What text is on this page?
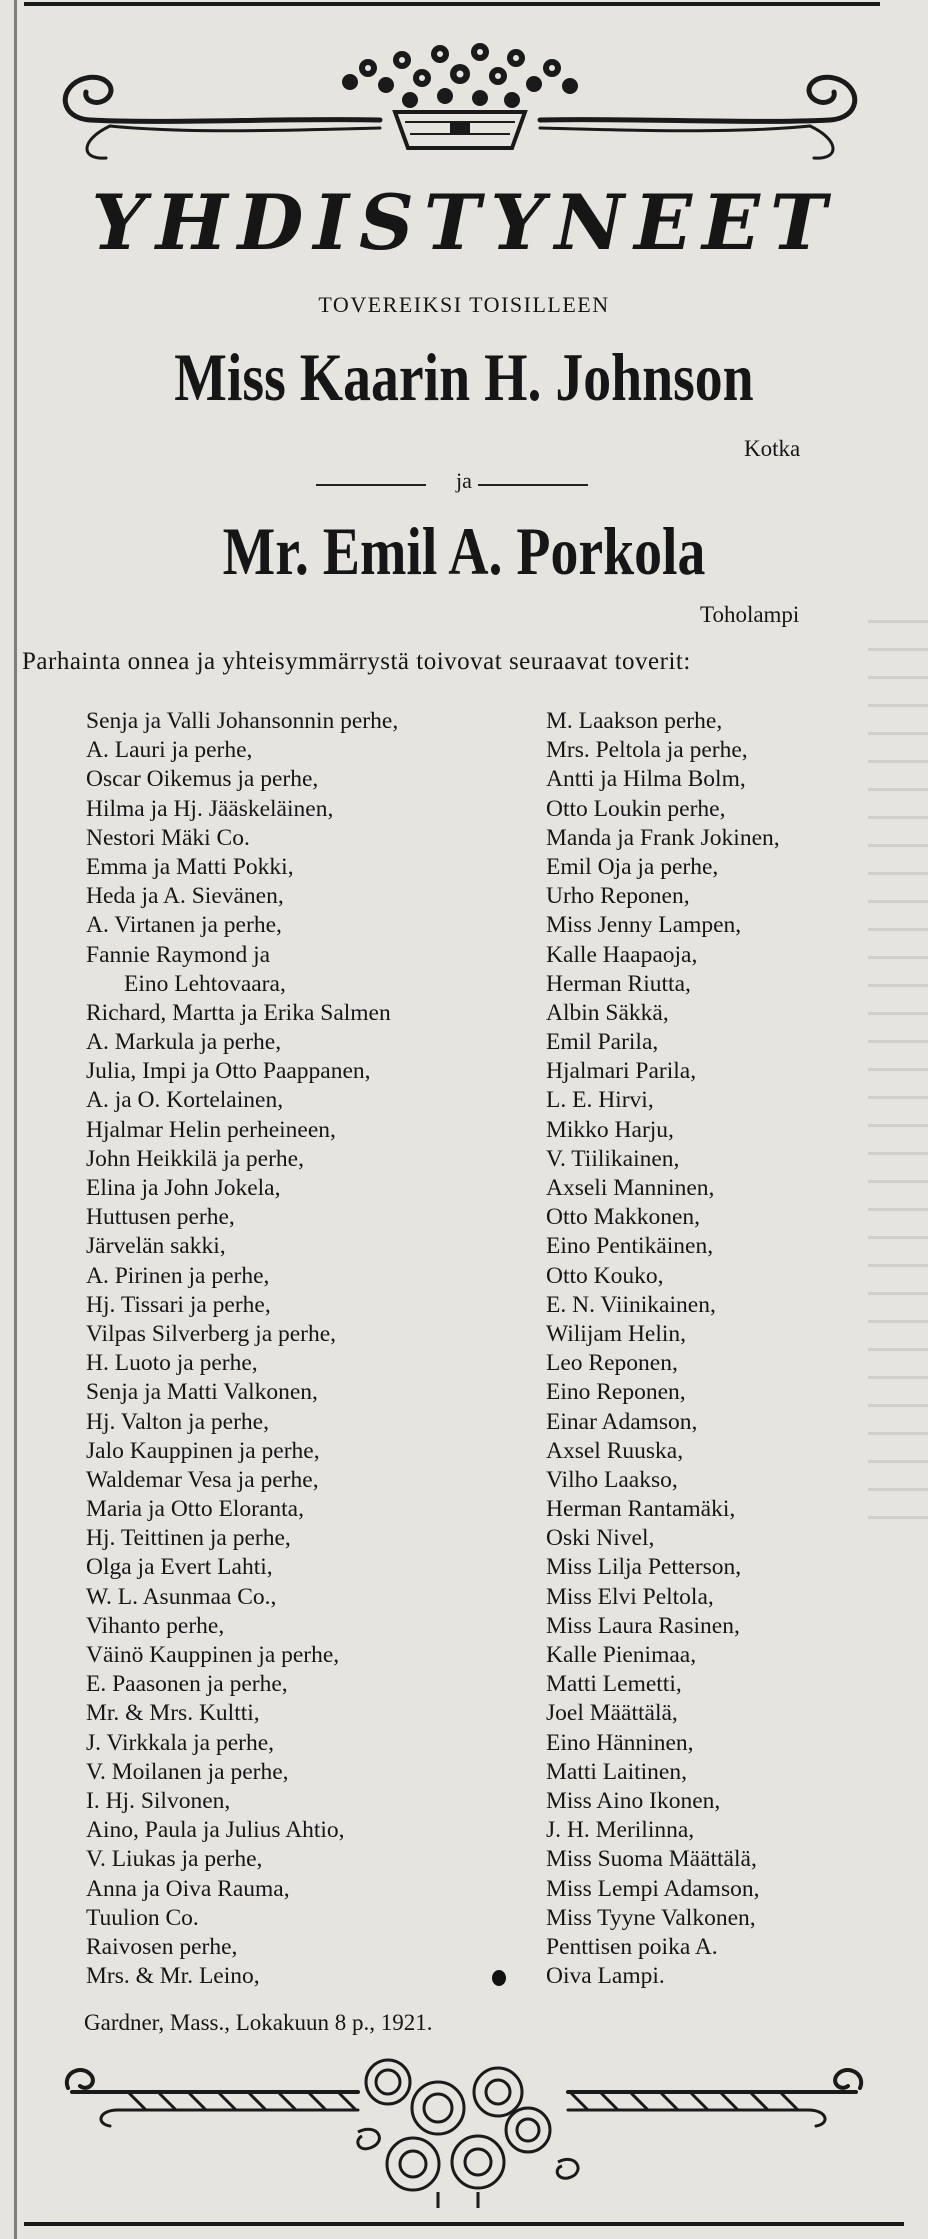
YHDISTYNEET
TOVEREIKSI TOISILLEEN
Miss Kaarin H. Johnson
Kotka
ja
Mr. Emil A. Porkola
Toholampi
Parhainta onnea ja yhteisymmärrystä toivovat seuraavat toverit:
Senja ja Valli Johansonnin perhe,
A. Lauri ja perhe,
Oscar Oikemus ja perhe,
Hilma ja Hj. Jääskeläinen,
Nestori Mäki Co.
Emma ja Matti Pokki,
Heda ja A. Sievänen,
A. Virtanen ja perhe,
Fannie Raymond ja
Eino Lehtovaara,
Richard, Martta ja Erika Salmen
A. Markula ja perhe,
Julia, Impi ja Otto Paappanen,
A. ja O. Kortelainen,
Hjalmar Helin perheineen,
John Heikkilä ja perhe,
Elina ja John Jokela,
Huttusen perhe,
Järvelän sakki,
A. Pirinen ja perhe,
Hj. Tissari ja perhe,
Vilpas Silverberg ja perhe,
H. Luoto ja perhe,
Senja ja Matti Valkonen,
Hj. Valton ja perhe,
Jalo Kauppinen ja perhe,
Waldemar Vesa ja perhe,
Maria ja Otto Eloranta,
Hj. Teittinen ja perhe,
Olga ja Evert Lahti,
W. L. Asunmaa Co.,
Vihanto perhe,
Väinö Kauppinen ja perhe,
E. Paasonen ja perhe,
Mr. & Mrs. Kultti,
J. Virkkala ja perhe,
V. Moilanen ja perhe,
I. Hj. Silvonen,
Aino, Paula ja Julius Ahtio,
V. Liukas ja perhe,
Anna ja Oiva Rauma,
Tuulion Co.
Raivosen perhe,
Mrs. & Mr. Leino,
M. Laakson perhe,
Mrs. Peltola ja perhe,
Antti ja Hilma Bolm,
Otto Loukin perhe,
Manda ja Frank Jokinen,
Emil Oja ja perhe,
Urho Reponen,
Miss Jenny Lampen,
Kalle Haapaoja,
Herman Riutta,
Albin Säkkä,
Emil Parila,
Hjalmari Parila,
L. E. Hirvi,
Mikko Harju,
V. Tiilikainen,
Axseli Manninen,
Otto Makkonen,
Eino Pentikäinen,
Otto Kouko,
E. N. Viinikainen,
Wilijam Helin,
Leo Reponen,
Eino Reponen,
Einar Adamson,
Axsel Ruuska,
Vilho Laakso,
Herman Rantamäki,
Oski Nivel,
Miss Lilja Petterson,
Miss Elvi Peltola,
Miss Laura Rasinen,
Kalle Pienimaa,
Matti Lemetti,
Joel Määttälä,
Eino Hänninen,
Matti Laitinen,
Miss Aino Ikonen,
J. H. Merilinna,
Miss Suoma Määttälä,
Miss Lempi Adamson,
Miss Tyyne Valkonen,
Penttisen poika A.
Oiva Lampi.
Gardner, Mass., Lokakuun 8 p., 1921.
